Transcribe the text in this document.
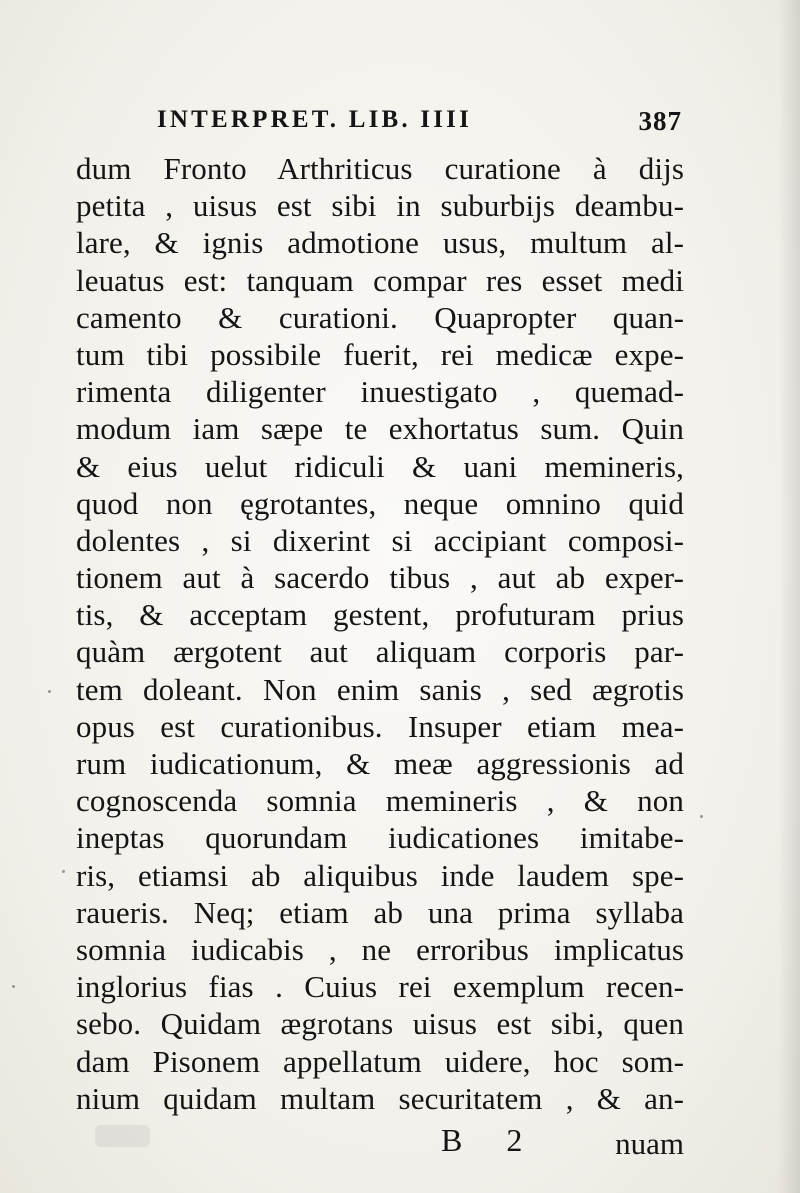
INTERPRET. LIB. IIII	387
dum Fronto Arthriticus curatione à dijs
petita , uisus est sibi in suburbijs deambu-
lare, & ignis admotione usus, multum al-
leuatus est: tanquam compar res esset medi
camento & curationi. Quapropter quan-
tum tibi possibile fuerit, rei medicæ expe-
rimenta diligenter inuestigato , quemad-
modum iam sæpe te exhortatus sum. Quin
& eius uelut ridiculi & uani memineris,
quod non ęgrotantes, neque omnino quid
dolentes , si dixerint si accipiant composi-
tionem aut à sacerdo tibus , aut ab exper-
tis, & acceptam gestent, profuturam prius
quàm ærgotent aut aliquam corporis par-
tem doleant. Non enim sanis , sed ægrotis
opus est curationibus. Insuper etiam mea-
rum iudicationum, & meæ aggressionis ad
cognoscenda somnia memineris , & non
ineptas quorundam iudicationes imitabe-
ris, etiamsi ab aliquibus inde laudem spe-
raueris. Neq; etiam ab una prima syllaba
somnia iudicabis , ne erroribus implicatus
inglorius fias . Cuius rei exemplum recen-
sebo. Quidam ægrotans uisus est sibi, quen
dam Pisonem appellatum uidere, hoc som-
nium quidam multam securitatem , & an-
B 2 nuam
